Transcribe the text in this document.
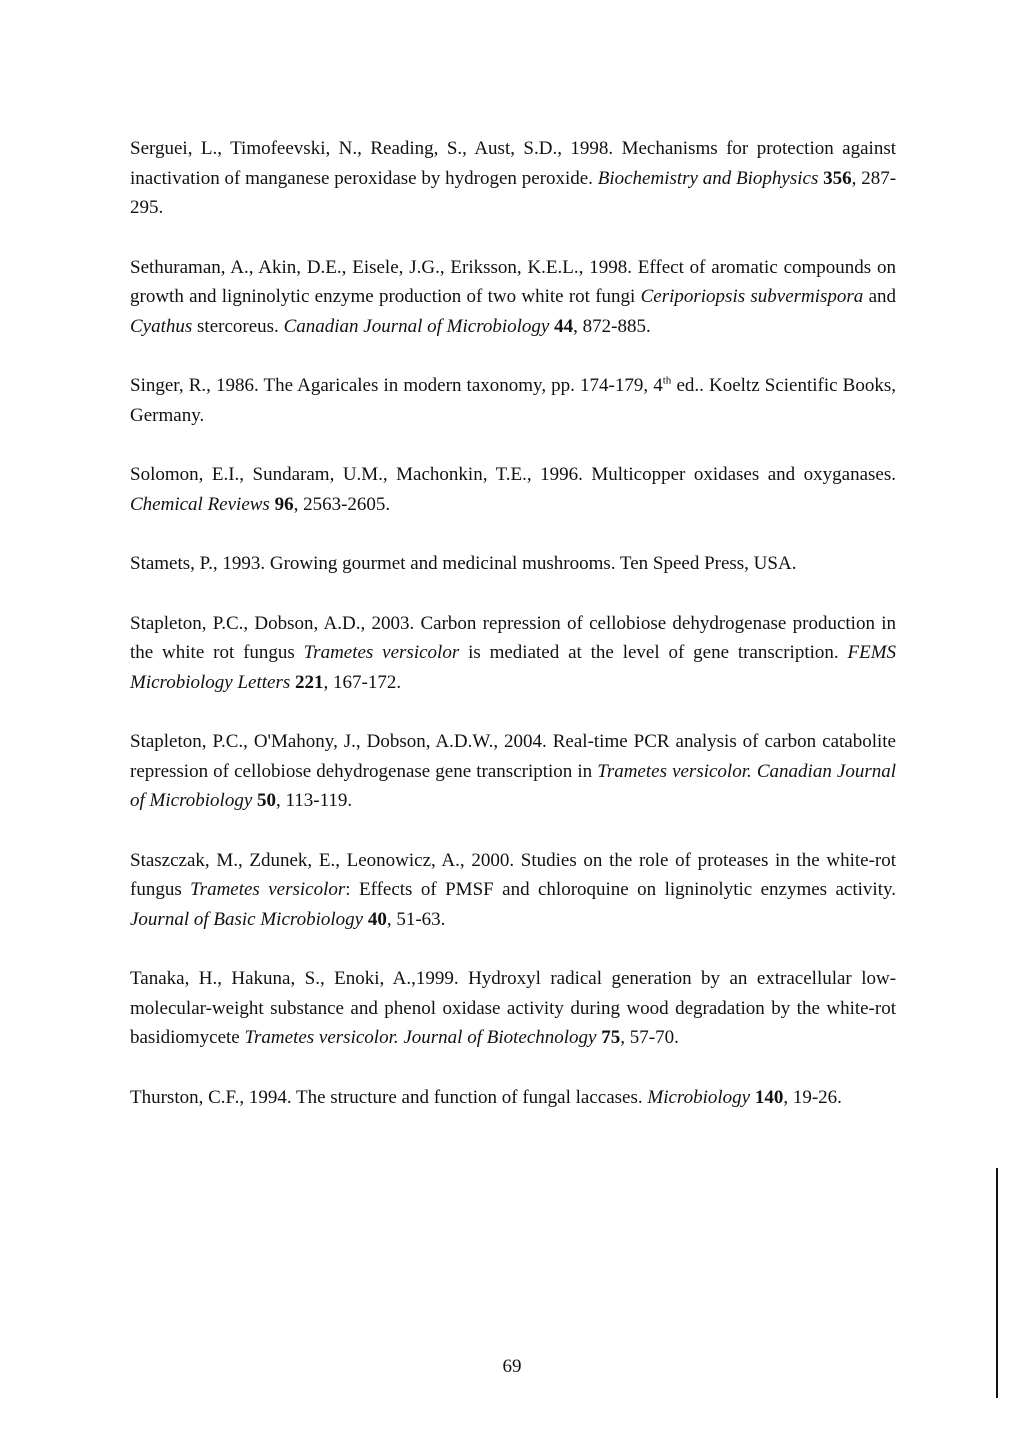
Serguei, L., Timofeevski, N., Reading, S., Aust, S.D., 1998. Mechanisms for protection against inactivation of manganese peroxidase by hydrogen peroxide. Biochemistry and Biophysics 356, 287-295.

Sethuraman, A., Akin, D.E., Eisele, J.G., Eriksson, K.E.L., 1998. Effect of aromatic compounds on growth and ligninolytic enzyme production of two white rot fungi Ceriporiopsis subvermispora and Cyathus stercoreus. Canadian Journal of Microbiology 44, 872-885.

Singer, R., 1986. The Agaricales in modern taxonomy, pp. 174-179, 4th ed.. Koeltz Scientific Books, Germany.

Solomon, E.I., Sundaram, U.M., Machonkin, T.E., 1996. Multicopper oxidases and oxyganases. Chemical Reviews 96, 2563-2605.

Stamets, P., 1993. Growing gourmet and medicinal mushrooms. Ten Speed Press, USA.

Stapleton, P.C., Dobson, A.D., 2003. Carbon repression of cellobiose dehydrogenase production in the white rot fungus Trametes versicolor is mediated at the level of gene transcription. FEMS Microbiology Letters 221, 167-172.

Stapleton, P.C., O'Mahony, J., Dobson, A.D.W., 2004. Real-time PCR analysis of carbon catabolite repression of cellobiose dehydrogenase gene transcription in Trametes versicolor. Canadian Journal of Microbiology 50, 113-119.

Staszczak, M., Zdunek, E., Leonowicz, A., 2000. Studies on the role of proteases in the white-rot fungus Trametes versicolor: Effects of PMSF and chloroquine on ligninolytic enzymes activity. Journal of Basic Microbiology 40, 51-63.

Tanaka, H., Hakuna, S., Enoki, A.,1999. Hydroxyl radical generation by an extracellular low-molecular-weight substance and phenol oxidase activity during wood degradation by the white-rot basidiomycete Trametes versicolor. Journal of Biotechnology 75, 57-70.

Thurston, C.F., 1994. The structure and function of fungal laccases. Microbiology 140, 19-26.

69
